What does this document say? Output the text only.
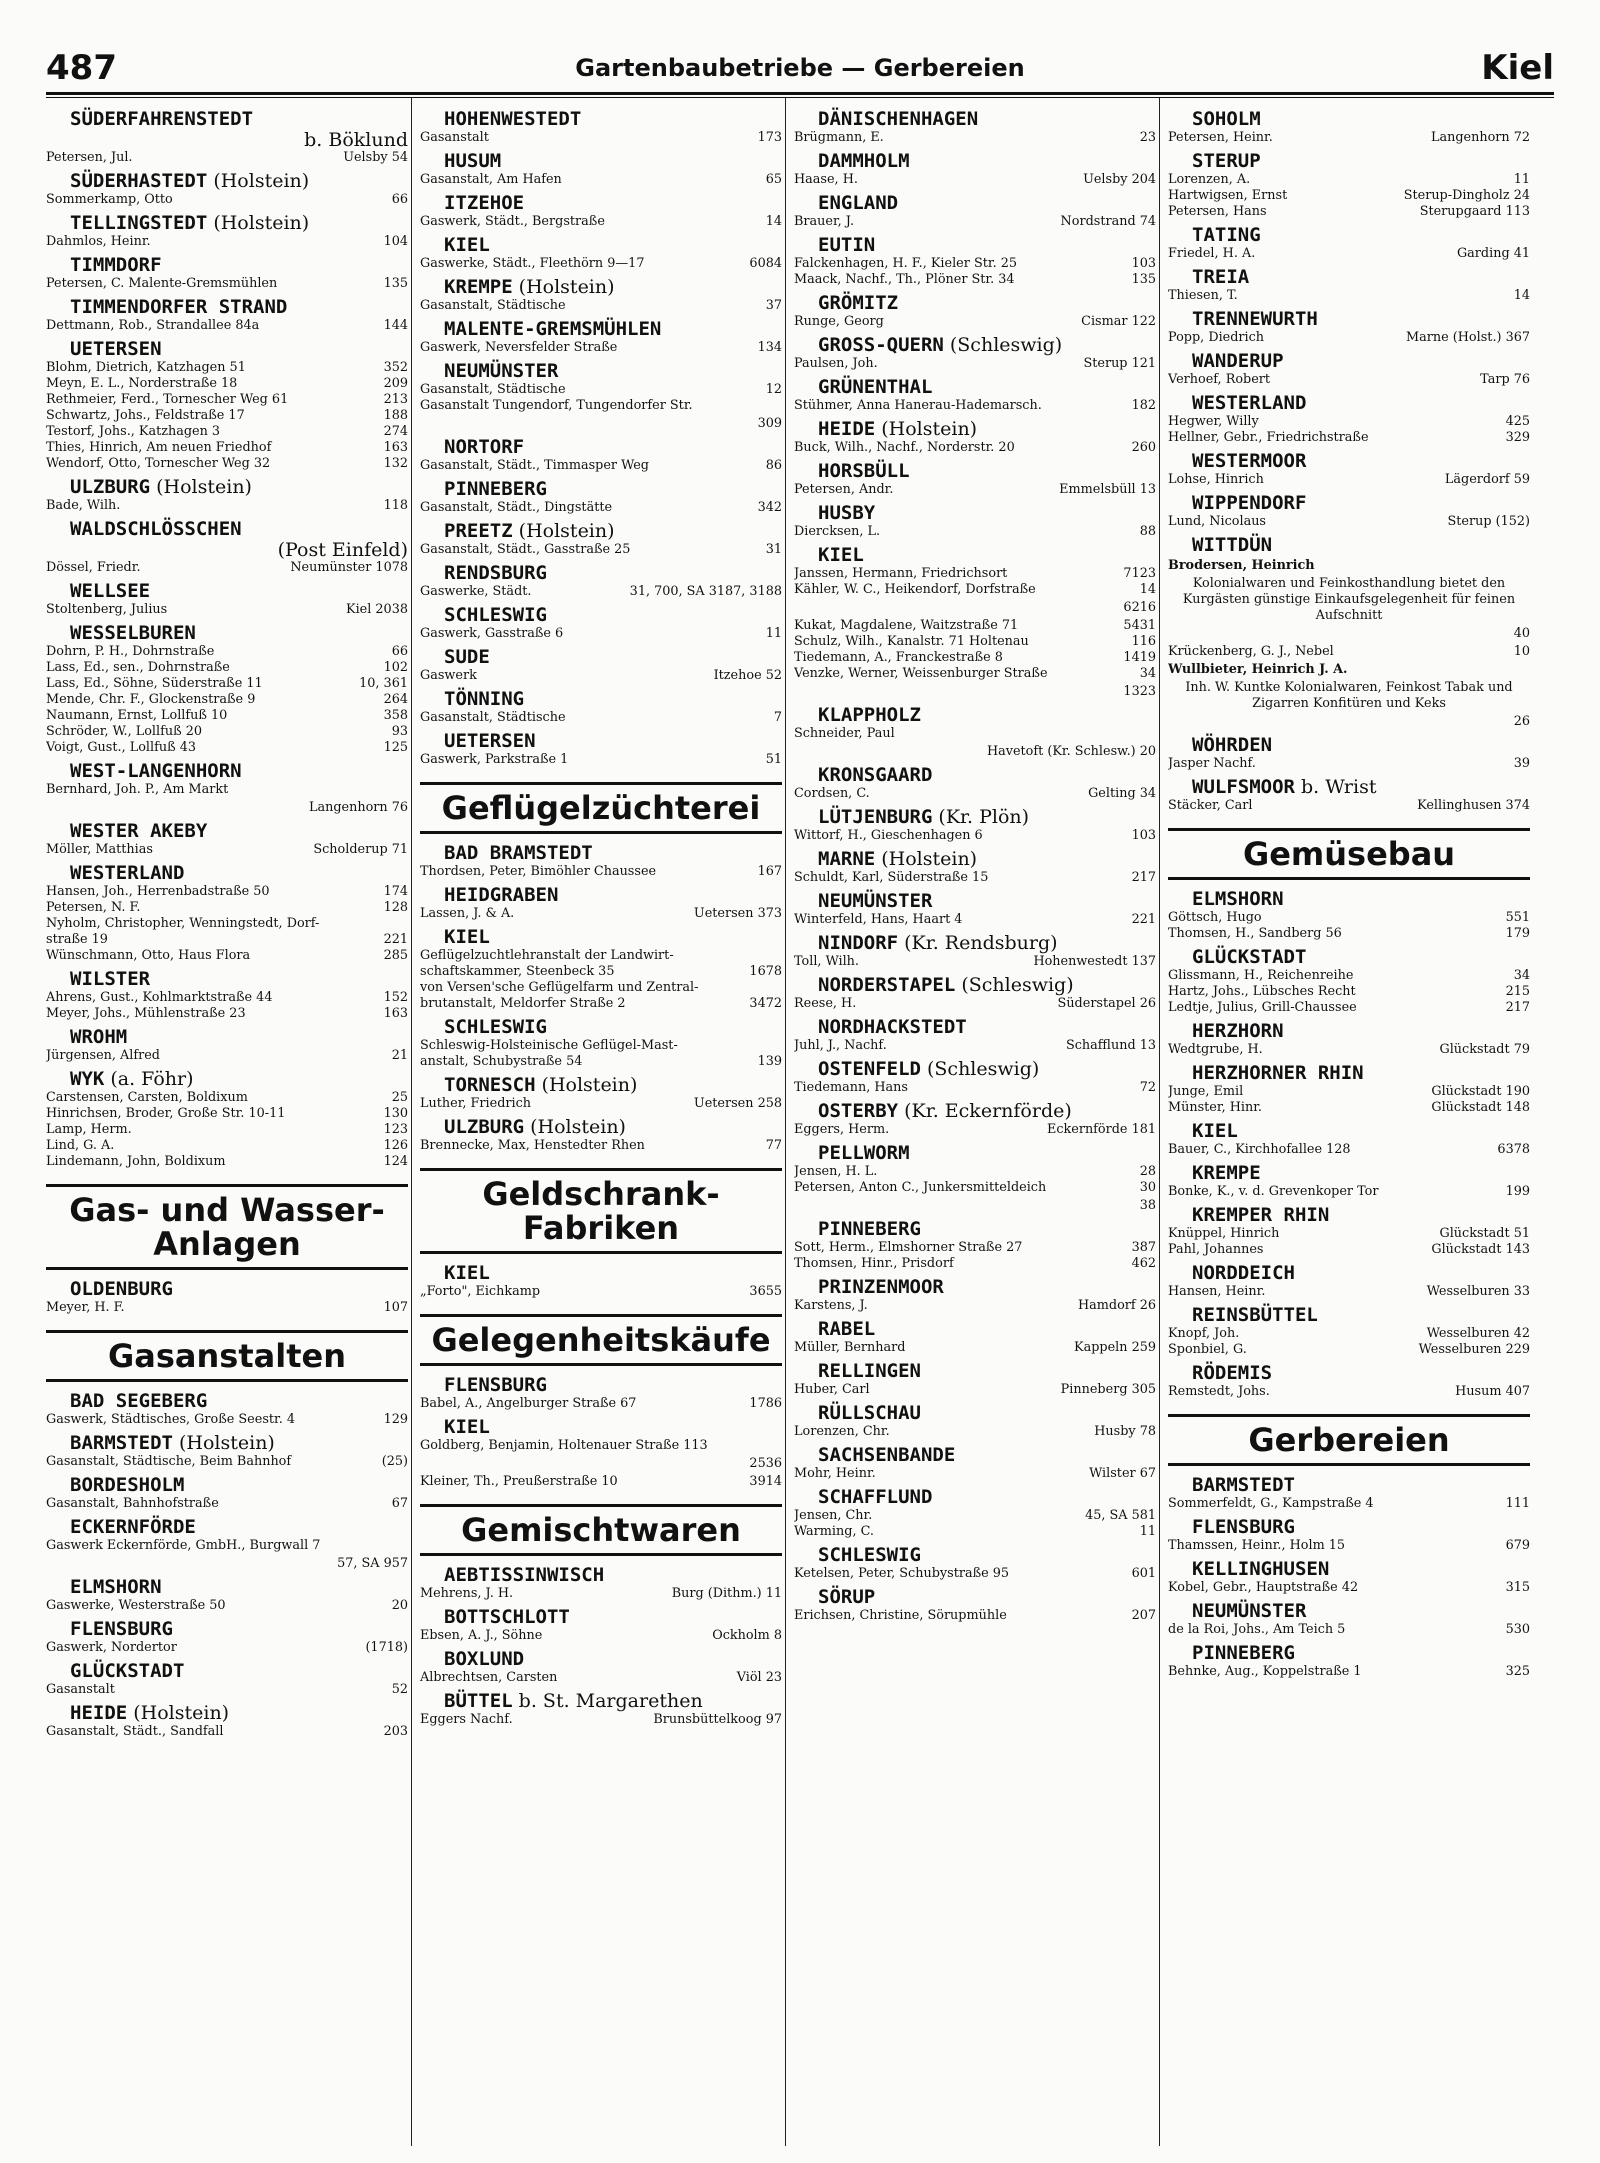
487	Gartenbaubetriebe — Gerbereien	Kiel
SÜDERFAHRENSTEDT
b. Böklund
Petersen, Jul.	Uelsby 54
SÜDERHASTEDT (Holstein)
Sommerkamp, Otto	66
TELLINGSTEDT (Holstein)
Dahmlos, Heinr.	104
TIMMDORF
Petersen, C. Malente-Gremsmühlen	135
TIMMENDORFER STRAND
Dettmann, Rob., Strandallee 84a	144
UETERSEN
Blohm, Dietrich, Katzhagen 51	352
Meyn, E. L., Norderstraße 18	209
Rethmeier, Ferd., Tornescher Weg 61	213
Schwartz, Johs., Feldstraße 17	188
Testorf, Johs., Katzhagen 3	274
Thies, Hinrich, Am neuen Friedhof	163
Wendorf, Otto, Tornescher Weg 32	132
ULZBURG (Holstein)
Bade, Wilh.	118
WALDSCHLÖSSCHEN
(Post Einfeld)
Dössel, Friedr.	Neumünster 1078
WELLSEE
Stoltenberg, Julius	Kiel 2038
WESSELBUREN
Dohrn, P. H., Dohrnstraße	66
Lass, Ed., sen., Dohrnstraße	102
Lass, Ed., Söhne, Süderstraße 11	10, 361
Mende, Chr. F., Glockenstraße 9	264
Naumann, Ernst, Lollfuß 10	358
Schröder, W., Lollfuß 20	93
Voigt, Gust., Lollfuß 43	125
WEST-LANGENHORN
Bernhard, Joh. P., Am Markt
Langenhorn 76
WESTER AKEBY
Möller, Matthias	Scholderup 71
WESTERLAND
Hansen, Joh., Herrenbadstraße 50	174
Petersen, N. F.	128
Nyholm, Christopher, Wenningstedt, Dorf-
straße 19	221
Wünschmann, Otto, Haus Flora	285
WILSTER
Ahrens, Gust., Kohlmarktstraße 44	152
Meyer, Johs., Mühlenstraße 23	163
WROHM
Jürgensen, Alfred	21
WYK (a. Föhr)
Carstensen, Carsten, Boldixum	25
Hinrichsen, Broder, Große Str. 10-11	130
Lamp, Herm.	123
Lind, G. A.	126
Lindemann, John, Boldixum	124
Gas- und Wasser-
Anlagen
OLDENBURG
Meyer, H. F.	107
Gasanstalten
BAD SEGEBERG
Gaswerk, Städtisches, Große Seestr. 4	129
BARMSTEDT (Holstein)
Gasanstalt, Städtische, Beim Bahnhof	(25)
BORDESHOLM
Gasanstalt, Bahnhofstraße	67
ECKERNFÖRDE
Gaswerk Eckernförde, GmbH., Burgwall 7
57, SA 957
ELMSHORN
Gaswerke, Westerstraße 50	20
FLENSBURG
Gaswerk, Nordertor	(1718)
GLÜCKSTADT
Gasanstalt	52
HEIDE (Holstein)
Gasanstalt, Städt., Sandfall	203
HOHENWESTEDT
Gasanstalt	173
HUSUM
Gasanstalt, Am Hafen	65
ITZEHOE
Gaswerk, Städt., Bergstraße	14
KIEL
Gaswerke, Städt., Fleethörn 9—17	6084
KREMPE (Holstein)
Gasanstalt, Städtische	37
MALENTE-GREMSMÜHLEN
Gaswerk, Neversfelder Straße	134
NEUMÜNSTER
Gasanstalt, Städtische	12
Gasanstalt Tungendorf, Tungendorfer Str.
309
NORTORF
Gasanstalt, Städt., Timmasper Weg	86
PINNEBERG
Gasanstalt, Städt., Dingstätte	342
PREETZ (Holstein)
Gasanstalt, Städt., Gasstraße 25	31
RENDSBURG
Gaswerke, Städt.	31, 700, SA 3187, 3188
SCHLESWIG
Gaswerk, Gasstraße 6	11
SUDE
Gaswerk	Itzehoe 52
TÖNNING
Gasanstalt, Städtische	7
UETERSEN
Gaswerk, Parkstraße 1	51
Geflügelzüchterei
BAD BRAMSTEDT
Thordsen, Peter, Bimöhler Chaussee	167
HEIDGRABEN
Lassen, J. & A.	Uetersen 373
KIEL
Geflügelzuchtlehranstalt der Landwirt-
schaftskammer, Steenbeck 35	1678
von Versen'sche Geflügelfarm und Zentral-
brutanstalt, Meldorfer Straße 2	3472
SCHLESWIG
Schleswig-Holsteinische Geflügel-Mast-
anstalt, Schubystraße 54	139
TORNESCH (Holstein)
Luther, Friedrich	Uetersen 258
ULZBURG (Holstein)
Brennecke, Max, Henstedter Rhen	77
Geldschrank-
Fabriken
KIEL
„Forto", Eichkamp	3655
Gelegenheitskäufe
FLENSBURG
Babel, A., Angelburger Straße 67	1786
KIEL
Goldberg, Benjamin, Holtenauer Straße 113
2536
Kleiner, Th., Preußerstraße 10	3914
Gemischtwaren
AEBTISSINWISCH
Mehrens, J. H.	Burg (Dithm.) 11
BOTTSCHLOTT
Ebsen, A. J., Söhne	Ockholm 8
BOXLUND
Albrechtsen, Carsten	Viöl 23
BÜTTEL b. St. Margarethen
Eggers Nachf.	Brunsbüttelkoog 97
DÄNISCHENHAGEN
Brügmann, E.	23
DAMMHOLM
Haase, H.	Uelsby 204
ENGLAND
Brauer, J.	Nordstrand 74
EUTIN
Falckenhagen, H. F., Kieler Str. 25	103
Maack, Nachf., Th., Plöner Str. 34	135
GRÖMITZ
Runge, Georg	Cismar 122
GROSS-QUERN (Schleswig)
Paulsen, Joh.	Sterup 121
GRÜNENTHAL
Stühmer, Anna Hanerau-Hademarsch.	182
HEIDE (Holstein)
Buck, Wilh., Nachf., Norderstr. 20	260
HORSBÜLL
Petersen, Andr.	Emmelsbüll 13
HUSBY
Diercksen, L.	88
KIEL
Janssen, Hermann, Friedrichsort	7123
Kähler, W. C., Heikendorf, Dorfstraße	14
6216
Kukat, Magdalene, Waitzstraße 71	5431
Schulz, Wilh., Kanalstr. 71 Holtenau	116
Tiedemann, A., Franckestraße 8	1419
Venzke, Werner, Weissenburger Straße	34
1323
KLAPPHOLZ
Schneider, Paul
Havetoft (Kr. Schlesw.) 20
KRONSGAARD
Cordsen, C.	Gelting 34
LÜTJENBURG (Kr. Plön)
Wittorf, H., Gieschenhagen 6	103
MARNE (Holstein)
Schuldt, Karl, Süderstraße 15	217
NEUMÜNSTER
Winterfeld, Hans, Haart 4	221
NINDORF (Kr. Rendsburg)
Toll, Wilh.	Hohenwestedt 137
NORDERSTAPEL (Schleswig)
Reese, H.	Süderstapel 26
NORDHACKSTEDT
Juhl, J., Nachf.	Schafflund 13
OSTENFELD (Schleswig)
Tiedemann, Hans	72
OSTERBY (Kr. Eckernförde)
Eggers, Herm.	Eckernförde 181
PELLWORM
Jensen, H. L.	28
Petersen, Anton C., Junkersmitteldeich	30
38
PINNEBERG
Sott, Herm., Elmshorner Straße 27	387
Thomsen, Hinr., Prisdorf	462
PRINZENMOOR
Karstens, J.	Hamdorf 26
RABEL
Müller, Bernhard	Kappeln 259
RELLINGEN
Huber, Carl	Pinneberg 305
RÜLLSCHAU
Lorenzen, Chr.	Husby 78
SACHSENBANDE
Mohr, Heinr.	Wilster 67
SCHAFFLUND
Jensen, Chr.	45, SA 581
Warming, C.	11
SCHLESWIG
Ketelsen, Peter, Schubystraße 95	601
SÖRUP
Erichsen, Christine, Sörupmühle	207
SOHOLM
Petersen, Heinr.	Langenhorn 72
STERUP
Lorenzen, A.	11
Hartwigsen, Ernst	Sterup-Dingholz 24
Petersen, Hans	Sterupgaard 113
TATING
Friedel, H. A.	Garding 41
TREIA
Thiesen, T.	14
TRENNEWURTH
Popp, Diedrich	Marne (Holst.) 367
WANDERUP
Verhoef, Robert	Tarp 76
WESTERLAND
Hegwer, Willy	425
Hellner, Gebr., Friedrichstraße	329
WESTERMOOR
Lohse, Hinrich	Lägerdorf 59
WIPPENDORF
Lund, Nicolaus	Sterup (152)
WITTDÜN
Brodersen, Heinrich
Kolonialwaren und Feinkosthandlung bietet den Kurgästen günstige Einkaufsgelegenheit für feinen Aufschnitt
40
Krückenberg, G. J., Nebel	10
Wullbieter, Heinrich J. A.
Inh. W. Kuntke Kolonialwaren, Feinkost Tabak und Zigarren Konfitüren und Keks
26
WÖHRDEN
Jasper Nachf.	39
WULFSMOOR b. Wrist
Stäcker, Carl	Kellinghusen 374
Gemüsebau
ELMSHORN
Göttsch, Hugo	551
Thomsen, H., Sandberg 56	179
GLÜCKSTADT
Glissmann, H., Reichenreihe	34
Hartz, Johs., Lübsches Recht	215
Ledtje, Julius, Grill-Chaussee	217
HERZHORN
Wedtgrube, H.	Glückstadt 79
HERZHORNER RHIN
Junge, Emil	Glückstadt 190
Münster, Hinr.	Glückstadt 148
KIEL
Bauer, C., Kirchhofallee 128	6378
KREMPE
Bonke, K., v. d. Grevenkoper Tor	199
KREMPER RHIN
Knüppel, Hinrich	Glückstadt 51
Pahl, Johannes	Glückstadt 143
NORDDEICH
Hansen, Heinr.	Wesselburen 33
REINSBÜTTEL
Knopf, Joh.	Wesselburen 42
Sponbiel, G.	Wesselburen 229
RÖDEMIS
Remstedt, Johs.	Husum 407
Gerbereien
BARMSTEDT
Sommerfeldt, G., Kampstraße 4	111
FLENSBURG
Thamssen, Heinr., Holm 15	679
KELLINGHUSEN
Kobel, Gebr., Hauptstraße 42	315
NEUMÜNSTER
de la Roi, Johs., Am Teich 5	530
PINNEBERG
Behnke, Aug., Koppelstraße 1	325
